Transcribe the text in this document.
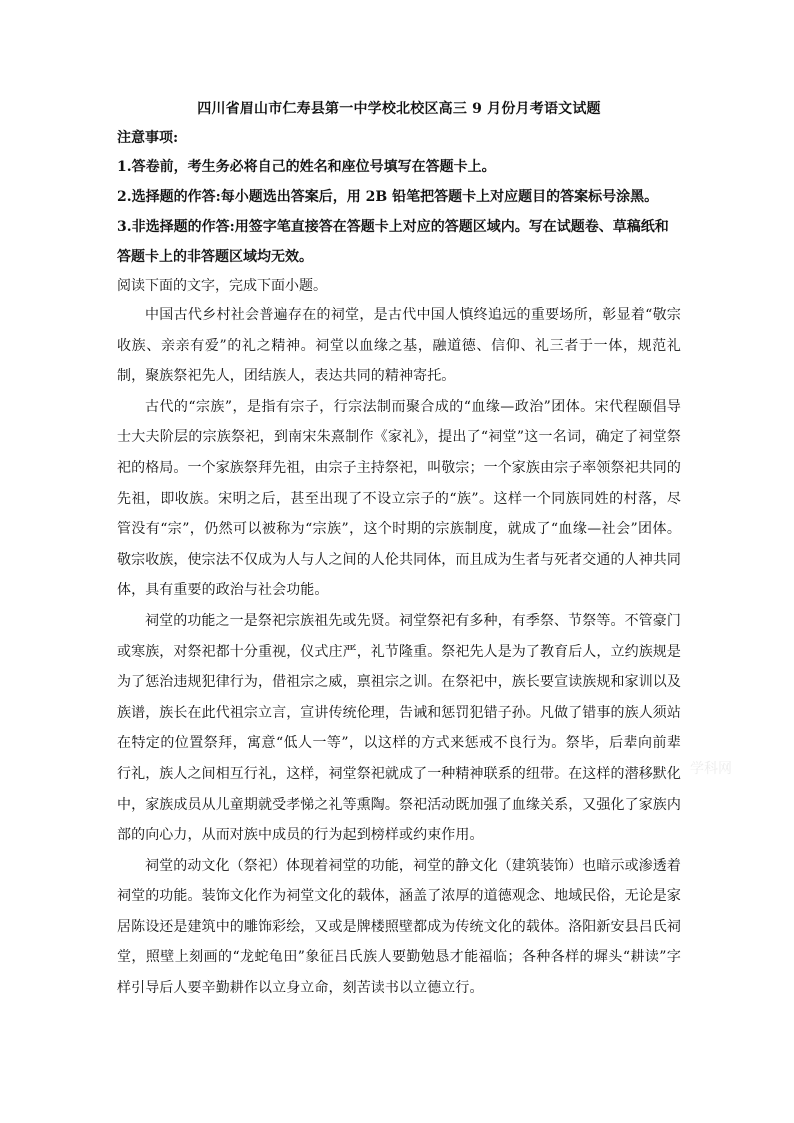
四川省眉山市仁寿县第一中学校北校区高三 9 月份月考语文试题

注意事项:

1.答卷前，考生务必将自己的姓名和座位号填写在答题卡上。

2.选择题的作答:每小题选出答案后，用 2B 铅笔把答题卡上对应题目的答案标号涂黑。

3.非选择题的作答:用签字笔直接答在答题卡上对应的答题区域内。写在试题卷、草稿纸和答题卡上的非答题区域均无效。

阅读下面的文字，完成下面小题。

中国古代乡村社会普遍存在的祠堂，是古代中国人慎终追远的重要场所，彰显着“敬宗收族、亲亲有爱”的礼之精神。祠堂以血缘之基，融道德、信仰、礼三者于一体，规范礼制，聚族祭祀先人，团结族人，表达共同的精神寄托。

古代的“宗族”，是指有宗子，行宗法制而聚合成的“血缘—政治”团体。宋代程颐倡导士大夫阶层的宗族祭祀，到南宋朱熹制作《家礼》，提出了“祠堂”这一名词，确定了祠堂祭祀的格局。一个家族祭拜先祖，由宗子主持祭祀，叫敬宗；一个家族由宗子率领祭祀共同的先祖，即收族。宋明之后，甚至出现了不设立宗子的“族”。这样一个同族同姓的村落，尽管没有“宗”，仍然可以被称为“宗族”，这个时期的宗族制度，就成了“血缘—社会”团体。敬宗收族，使宗法不仅成为人与人之间的人伦共同体，而且成为生者与死者交通的人神共同体，具有重要的政治与社会功能。

祠堂的功能之一是祭祀宗族祖先或先贤。祠堂祭祀有多种，有季祭、节祭等。不管豪门或寒族，对祭祀都十分重视，仪式庄严，礼节隆重。祭祀先人是为了教育后人，立约族规是为了惩治违规犯律行为，借祖宗之威，禀祖宗之训。在祭祀中，族长要宣读族规和家训以及族谱，族长在此代祖宗立言，宣讲传统伦理，告诫和惩罚犯错子孙。凡做了错事的族人须站在特定的位置祭拜，寓意“低人一等”，以这样的方式来惩戒不良行为。祭毕，后辈向前辈行礼，族人之间相互行礼，这样，祠堂祭祀就成了一种精神联系的纽带。在这样的潜移默化中，家族成员从儿童期就受孝悌之礼等熏陶。祭祀活动既加强了血缘关系，又强化了家族内部的向心力，从而对族中成员的行为起到榜样或约束作用。

祠堂的动文化（祭祀）体现着祠堂的功能，祠堂的静文化（建筑装饰）也暗示或渗透着祠堂的功能。装饰文化作为祠堂文化的载体，涵盖了浓厚的道德观念、地域民俗，无论是家居陈设还是建筑中的雕饰彩绘，又或是牌楼照壁都成为传统文化的载体。洛阳新安县吕氏祠堂，照壁上刻画的“龙蛇龟田”象征吕氏族人要勤勉恳才能福临；各种各样的墀头“耕读”字样引导后人要辛勤耕作以立身立命，刻苦读书以立德立行。

学科网
